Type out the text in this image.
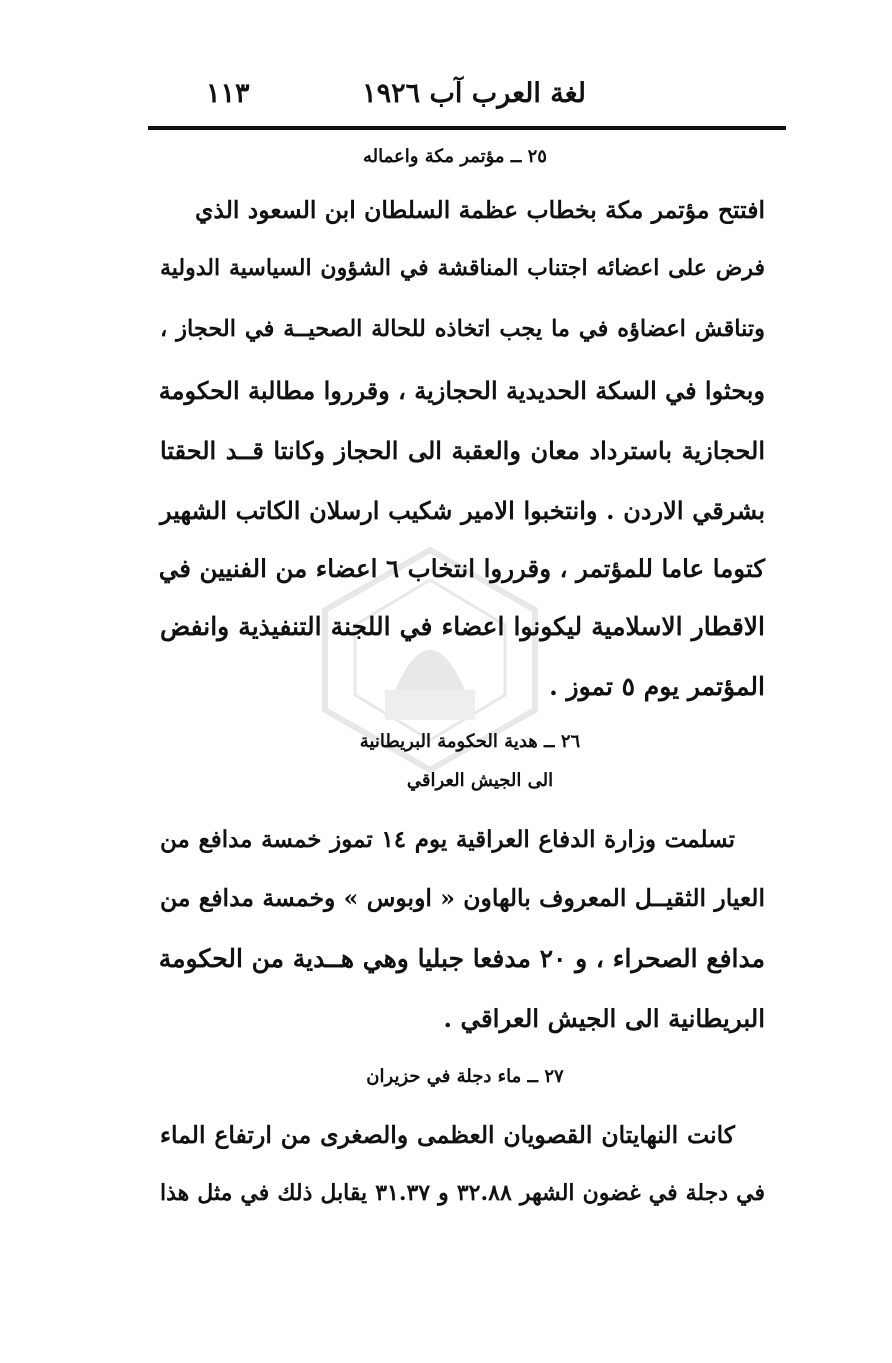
لغة العرب آب ١٩٢٦
١١٣
٢٥ ــ مؤتمر مكة واعماله
افتتح مؤتمر مكة بخطاب عظمة السلطان ابن السعود الذي
فرض على اعضائه اجتناب المناقشة في الشؤون السياسية الدولية
وتناقش اعضاؤه في ما يجب اتخاذه للحالة الصحيــة في الحجاز ،
وبحثوا في السكة الحديدية الحجازية ، وقرروا مطالبة الحكومة
الحجازية باسترداد معان والعقبة الى الحجاز وكانتا قــد الحقتا
بشرقي الاردن . وانتخبوا الامير شكيب ارسلان الكاتب الشهير
كتوما عاما للمؤتمر ، وقرروا انتخاب ٦ اعضاء من الفنيين في
الاقطار الاسلامية ليكونوا اعضاء في اللجنة التنفيذية وانفض
المؤتمر يوم ٥ تموز .
٢٦ ــ هدية الحكومة البريطانية
الى الجيش العراقي
تسلمت وزارة الدفاع العراقية يوم ١٤ تموز خمسة مدافع من
العيار الثقيــل المعروف بالهاون « اوبوس » وخمسة مدافع من
مدافع الصحراء ، و ٢٠ مدفعا جبليا وهي هــدية من الحكومة
البريطانية الى الجيش العراقي .
٢٧ ــ ماء دجلة في حزيران
كانت النهايتان القصويان العظمى والصغرى من ارتفاع الماء
في دجلة في غضون الشهر ٣٢.٨٨ و ٣١.٣٧ يقابل ذلك في مثل هذا
